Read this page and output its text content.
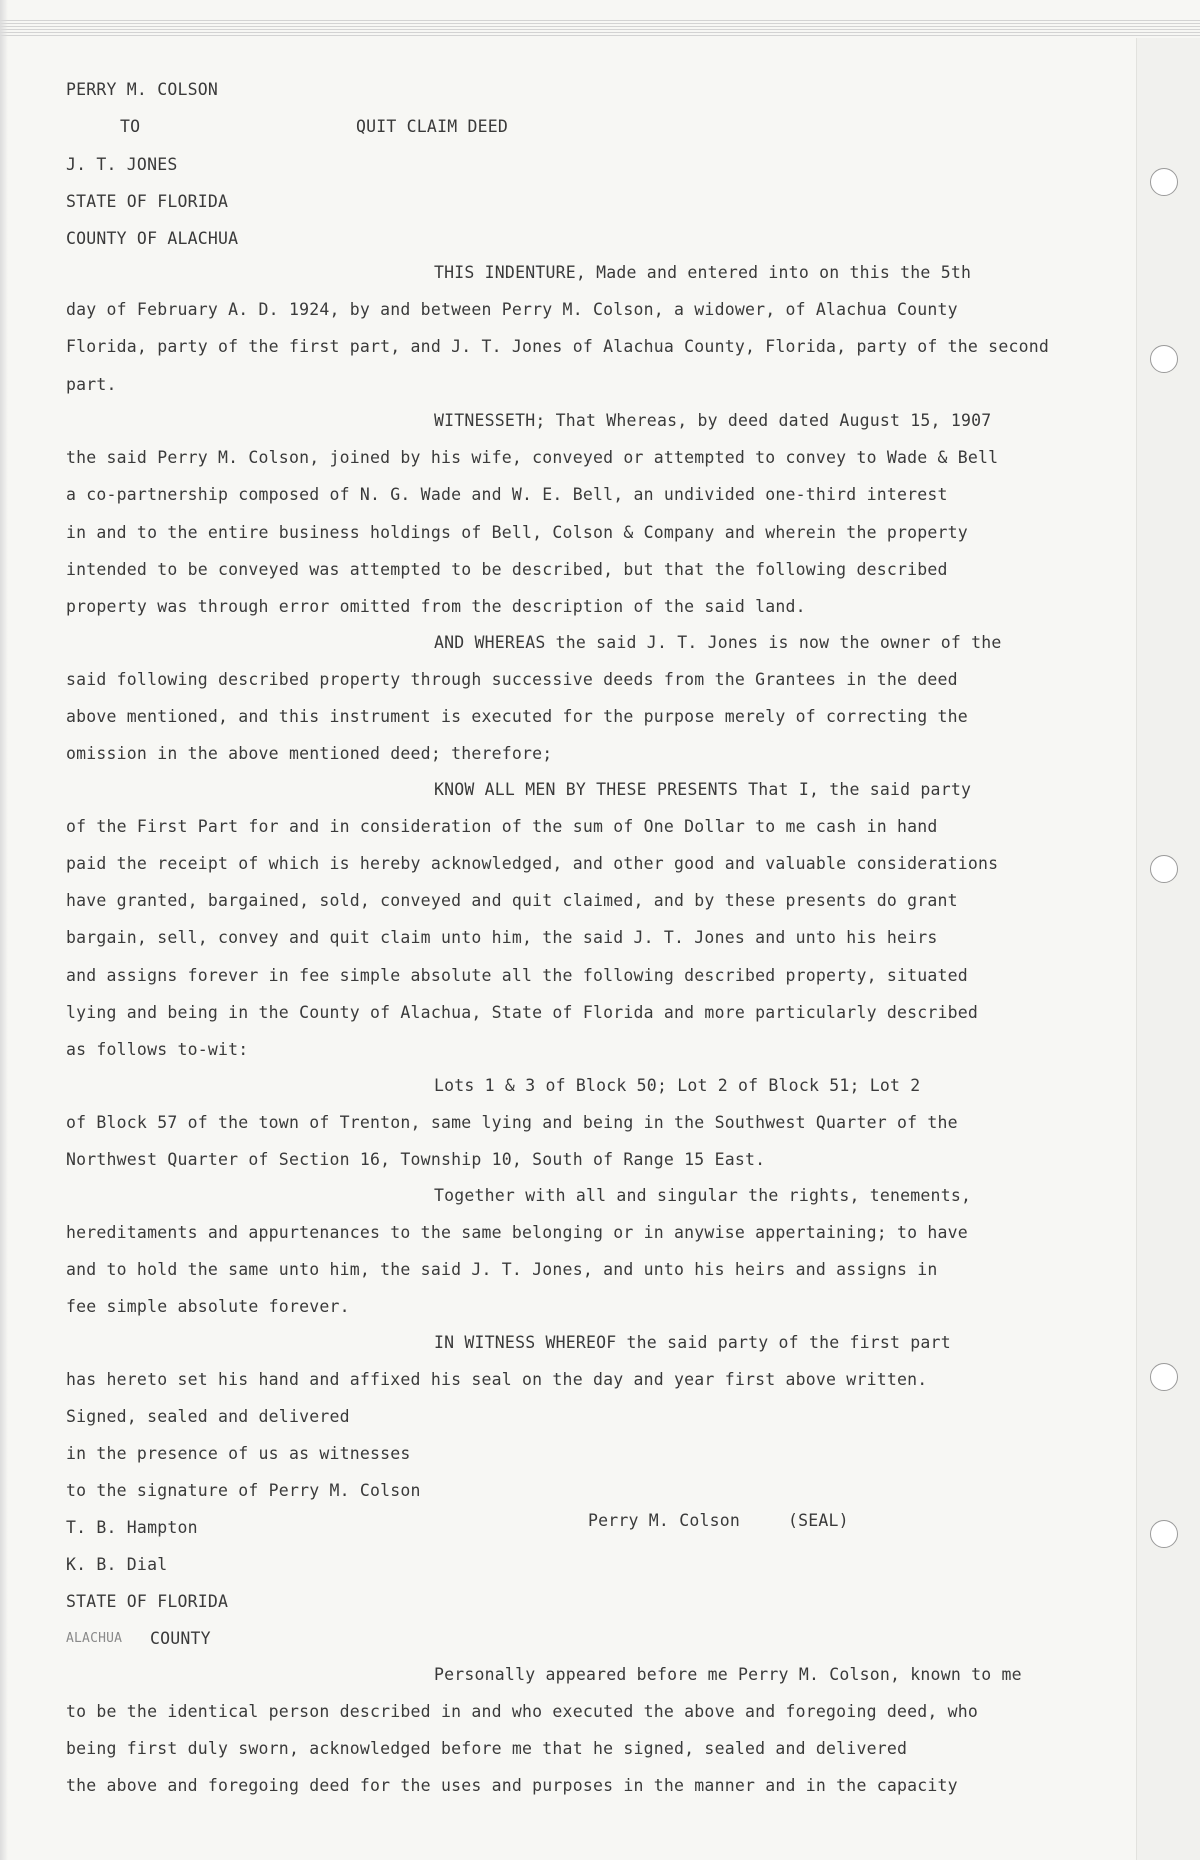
PERRY M. COLSON
TO	QUIT CLAIM DEED
J. T. JONES
STATE OF FLORIDA
COUNTY OF ALACHUA
THIS INDENTURE, Made and entered into on this the 5th
day of February A. D. 1924, by and between Perry M. Colson, a widower, of Alachua County
Florida, party of the first part, and J. T. Jones of Alachua County, Florida, party of the second
part.
WITNESSETH; That Whereas, by deed dated August 15, 1907
the said Perry M. Colson, joined by his wife, conveyed or attempted to convey to Wade & Bell
a co-partnership composed of N. G. Wade and W. E. Bell, an undivided one-third interest
in and to the entire business holdings of Bell, Colson & Company and wherein the property
intended to be conveyed was attempted to be described, but that the following described
property was through error omitted from the description of the said land.
AND WHEREAS the said J. T. Jones is now the owner of the
said following described property through successive deeds from the Grantees in the deed
above mentioned, and this instrument is executed for the purpose merely of correcting the
omission in the above mentioned deed; therefore;
KNOW ALL MEN BY THESE PRESENTS That I, the said party
of the First Part for and in consideration of the sum of One Dollar to me cash in hand
paid the receipt of which is hereby acknowledged, and other good and valuable considerations
have granted, bargained, sold, conveyed and quit claimed, and by these presents do grant
bargain, sell, convey and quit claim unto him, the said J. T. Jones and unto his heirs
and assigns forever in fee simple absolute all the following described property, situated
lying and being in the County of Alachua, State of Florida and more particularly described
as follows to-wit:
Lots 1 & 3 of Block 50; Lot 2 of Block 51; Lot 2
of Block 57 of the town of Trenton, same lying and being in the Southwest Quarter of the
Northwest Quarter of Section 16, Township 10, South of Range 15 East.
Together with all and singular the rights, tenements,
hereditaments and appurtenances to the same belonging or in anywise appertaining; to have
and to hold the same unto him, the said J. T. Jones, and unto his heirs and assigns in
fee simple absolute forever.
IN WITNESS WHEREOF the said party of the first part
has hereto set his hand and affixed his seal on the day and year first above written.
Signed, sealed and delivered
in the presence of us as witnesses
to the signature of Perry M. Colson
T. B. Hampton	Perry M. Colson	(SEAL)
K. B. Dial
STATE OF FLORIDA
ALACHUA COUNTY
Personally appeared before me Perry M. Colson, known to me
to be the identical person described in and who executed the above and foregoing deed, who
being first duly sworn, acknowledged before me that he signed, sealed and delivered
the above and foregoing deed for the uses and purposes in the manner and in the capacity
